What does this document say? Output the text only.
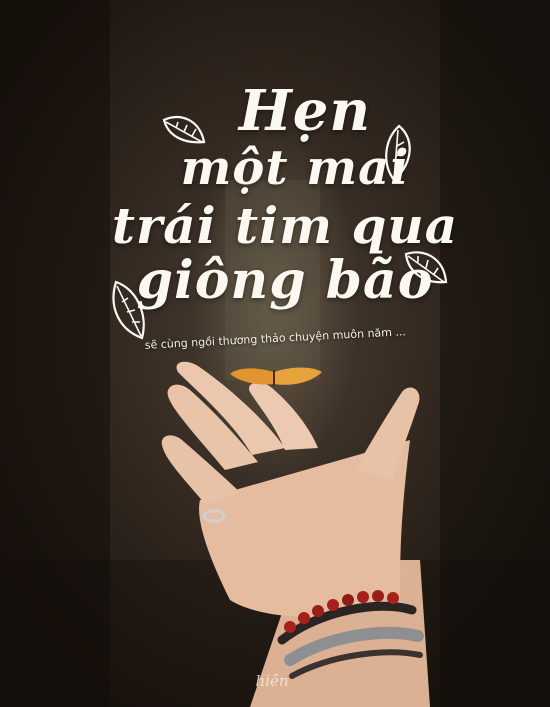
Hẹn
một mai
trái tim qua
giông bão
sẽ cùng ngồi thương thảo chuyện muôn năm ...
hiên
